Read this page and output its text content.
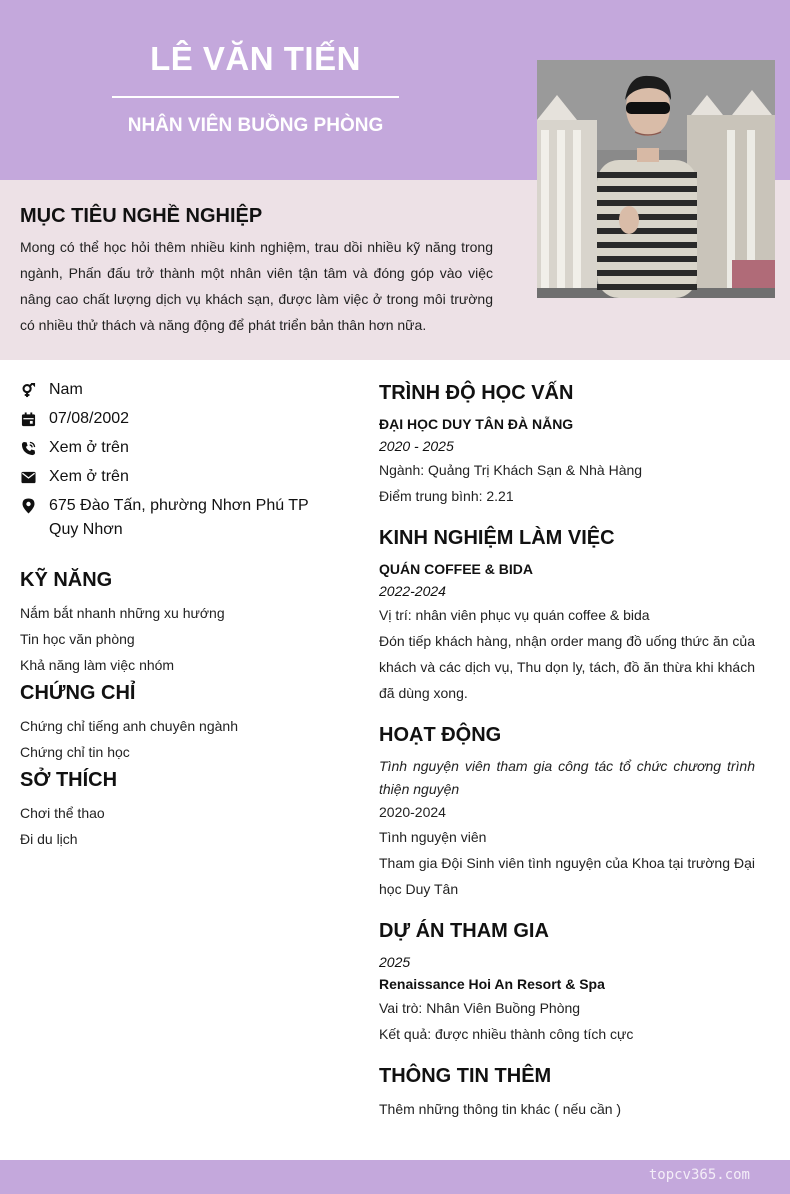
LÊ VĂN TIẾN
NHÂN VIÊN BUỒNG PHÒNG
MỤC TIÊU NGHỀ NGHIỆP
Mong có thể học hỏi thêm nhiều kinh nghiệm, trau dồi nhiều kỹ năng trong ngành, Phấn đấu trở thành một nhân viên tận tâm và đóng góp vào việc nâng cao chất lượng dịch vụ khách sạn, được làm việc ở trong môi trường có nhiều thử thách và năng động để phát triển bản thân hơn nữa.
Nam
07/08/2002
Xem ở trên
Xem ở trên
675 Đào Tấn, phường Nhơn Phú TP Quy Nhơn
KỸ NĂNG
Nắm bắt nhanh những xu hướng
Tin học văn phòng
Khả năng làm việc nhóm
CHỨNG CHỈ
Chứng chỉ tiếng anh chuyên ngành
Chứng chỉ tin học
SỞ THÍCH
Chơi thể thao
Đi du lịch
TRÌNH ĐỘ HỌC VẤN
ĐẠI HỌC DUY TÂN ĐÀ NẴNG
2020 - 2025
Ngành: Quảng Trị Khách Sạn & Nhà Hàng
Điểm trung bình: 2.21
KINH NGHIỆM LÀM VIỆC
QUÁN COFFEE & BIDA
2022-2024
Vị trí: nhân viên phục vụ quán coffee & bida
Đón tiếp khách hàng, nhận order mang đồ uống thức ăn của khách và các dịch vụ, Thu dọn ly, tách, đồ ăn thừa khi khách đã dùng xong.
HOẠT ĐỘNG
Tình nguyện viên tham gia công tác tổ chức chương trình thiện nguyện
2020-2024
Tình nguyện viên
Tham gia Đội Sinh viên tình nguyện của Khoa tại trường Đại học Duy Tân
DỰ ÁN THAM GIA
2025
Renaissance Hoi An Resort & Spa
Vai trò: Nhân Viên Buồng Phòng
Kết quả: được nhiều thành công tích cực
THÔNG TIN THÊM
Thêm những thông tin khác ( nếu cần )
topcv365.com
